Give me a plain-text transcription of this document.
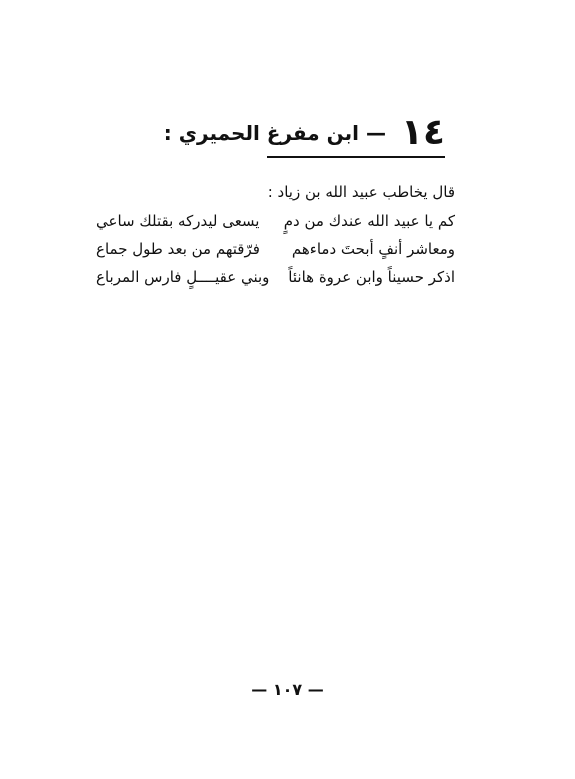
١٤ — ابن مفرغ الحميري :
قال يخاطب عبيد الله بن زياد :
كم يا عبيد الله عندك من دمٍ
يسعى ليدركه بقتلك ساعي
ومعاشر أنفٍ أبحتَ دماءهم
فرّقتهم من بعد طول جماع
اذكر حسيناً وابن عروة هانئاً
وبني عقيــــلٍ فارس المرباع
— ١٠٧ —
